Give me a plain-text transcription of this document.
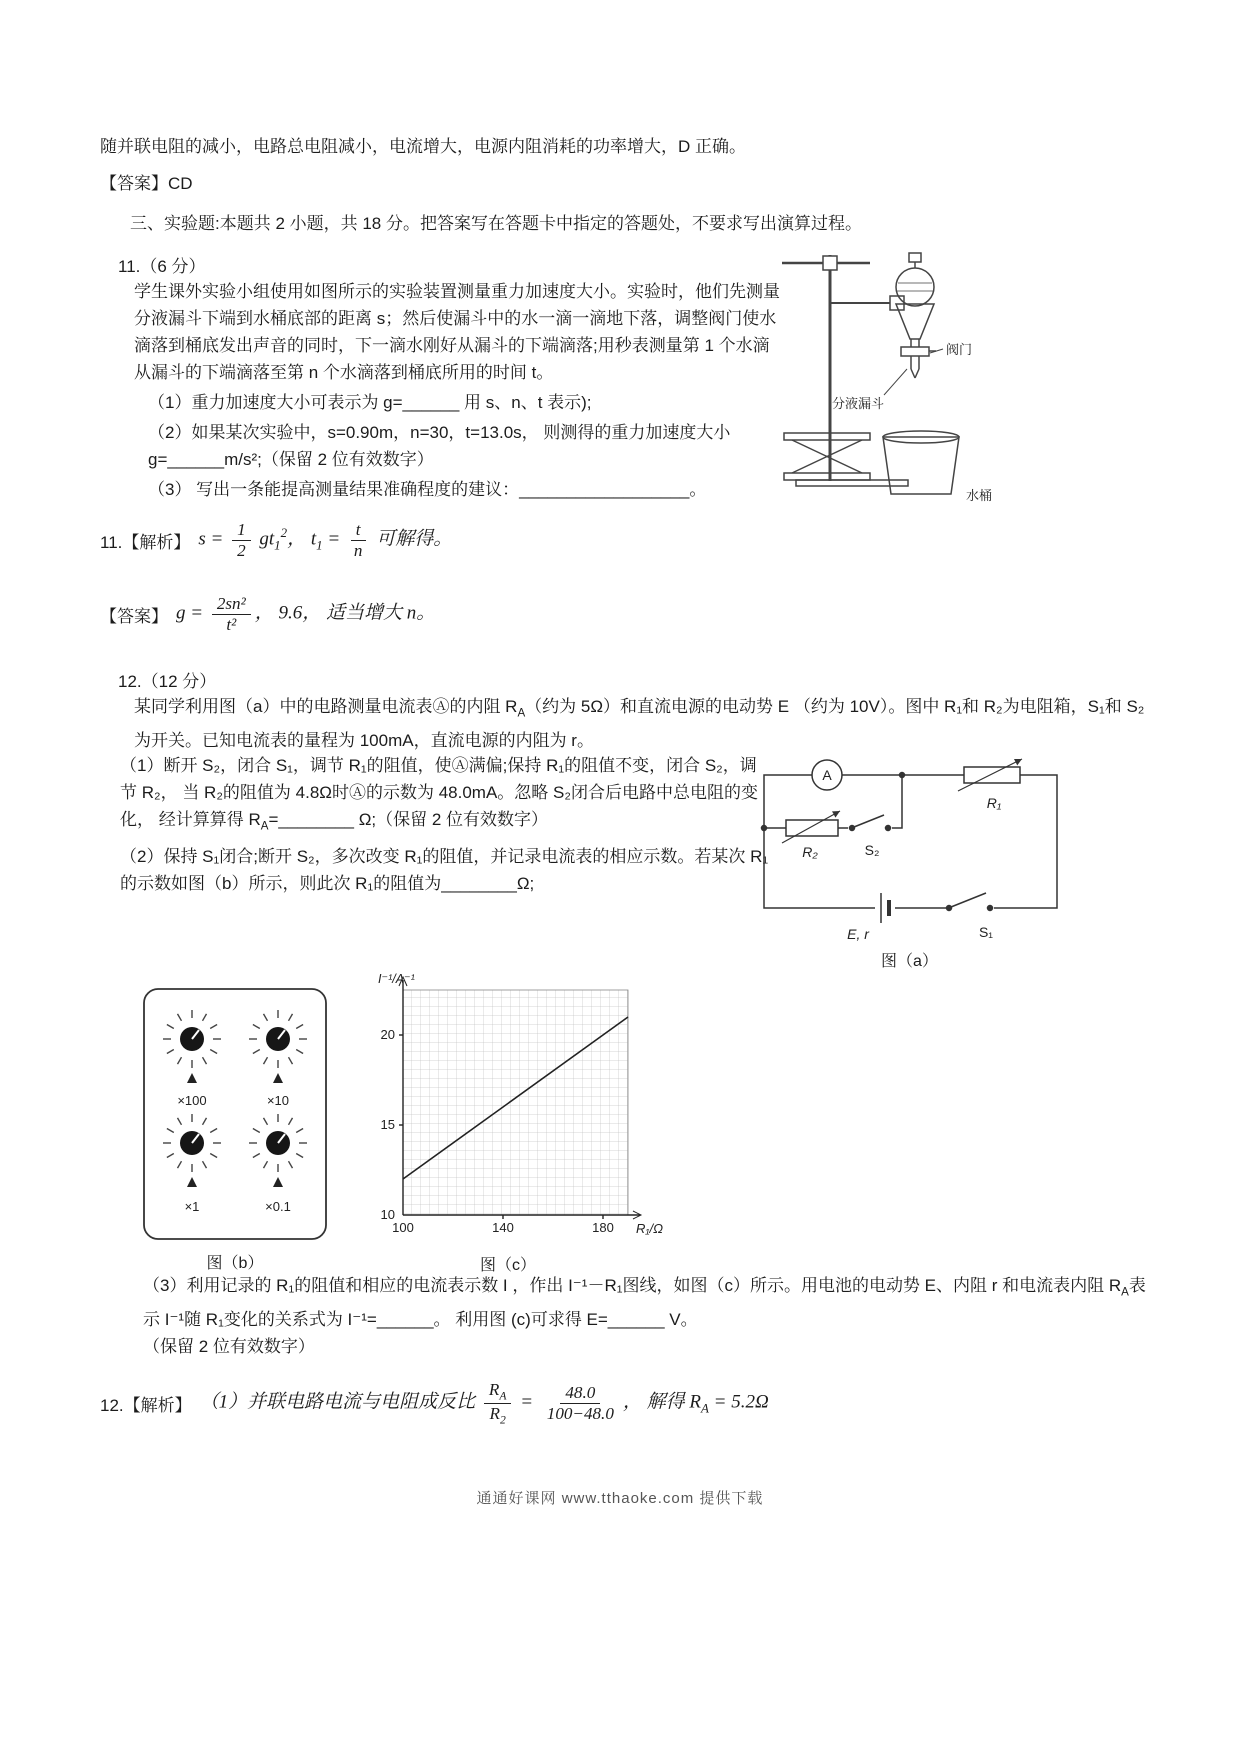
随并联电阻的减小，电路总电阻减小，电流增大，电源内阻消耗的功率增大，D 正确。
【答案】CD
三、实验题:本题共 2 小题，共 18 分。把答案写在答题卡中指定的答题处，不要求写出演算过程。
11.（6 分）
学生课外实验小组使用如图所示的实验装置测量重力加速度大小。实验时，他们先测量分液漏斗下端到水桶底部的距离 s；然后使漏斗中的水一滴一滴地下落，调整阀门使水滴落到桶底发出声音的同时，下一滴水刚好从漏斗的下端滴落;用秒表测量第 1 个水滴从漏斗的下端滴落至第 n 个水滴落到桶底所用的时间 t。
（1）重力加速度大小可表示为 g=______ 用 s、n、t 表示);
（2）如果某次实验中，s=0.90m，n=30，t=13.0s， 则测得的重力加速度大小 g=______m/s²;（保留 2 位有效数字）
（3） 写出一条能提高测量结果准确程度的建议：__________________。
阀门
分液漏斗
水桶
11.【解析】 $s = \frac{1}{2} gt_1^2$， $t_1 = \frac{t}{n}$ 可解得。
【答案】 $g = \frac{\text{2sn²}}{\text{t²}}$ ， 9.6， 适当增大 n。
12.（12 分）
某同学利用图（a）中的电路测量电流表Ⓐ的内阻 $R_A$（约为 5Ω）和直流电源的电动势 E （约为 10V）。图中 R₁和 R₂为电阻箱，S₁和 S₂为开关。已知电流表的量程为 100mA，直流电源的内阻为 r。
（1）断开 S₂，闭合 S₁，调节 R₁的阻值，使Ⓐ满偏;保持 R₁的阻值不变，闭合 S₂，调节 R₂， 当 R₂的阻值为 4.8Ω时Ⓐ的示数为 48.0mA。忽略 S₂闭合后电路中总电阻的变化， 经计算算得 $R_A=\_\_\_\_\_\_\_\_$ Ω;（保留 2 位有效数字）
（2）保持 S₁闭合;断开 S₂，多次改变 R₁的阻值，并记录电流表的相应示数。若某次 R₁的示数如图（b）所示，则此次 R₁的阻值为________Ω;
A
R₁
R₂	S₂
E, r	S₁
图（a）
×100	×10
×1	×0.1
图（b）
I⁻¹/A⁻¹
20
15
10
100	140	180 R₁/Ω
图（c）
（3）利用记录的 R₁的阻值和相应的电流表示数 I ，作出 I⁻¹－R₁图线，如图（c）所示。用电池的电动势 E、内阻 r 和电流表内阻 $R_A$表示 I⁻¹随 R₁变化的关系式为 I⁻¹=______。 利用图 (c)可求得 E=______ V。
（保留 2 位有效数字）
12.【解析】 （1）并联电路电流与电阻成反比 $\frac{R_A}{R_2} = \frac{48.0}{100-48.0}$ ， 解得 $R_A = 5.2\Omega$
通通好课网 www.tthaoke.com 提供下载
